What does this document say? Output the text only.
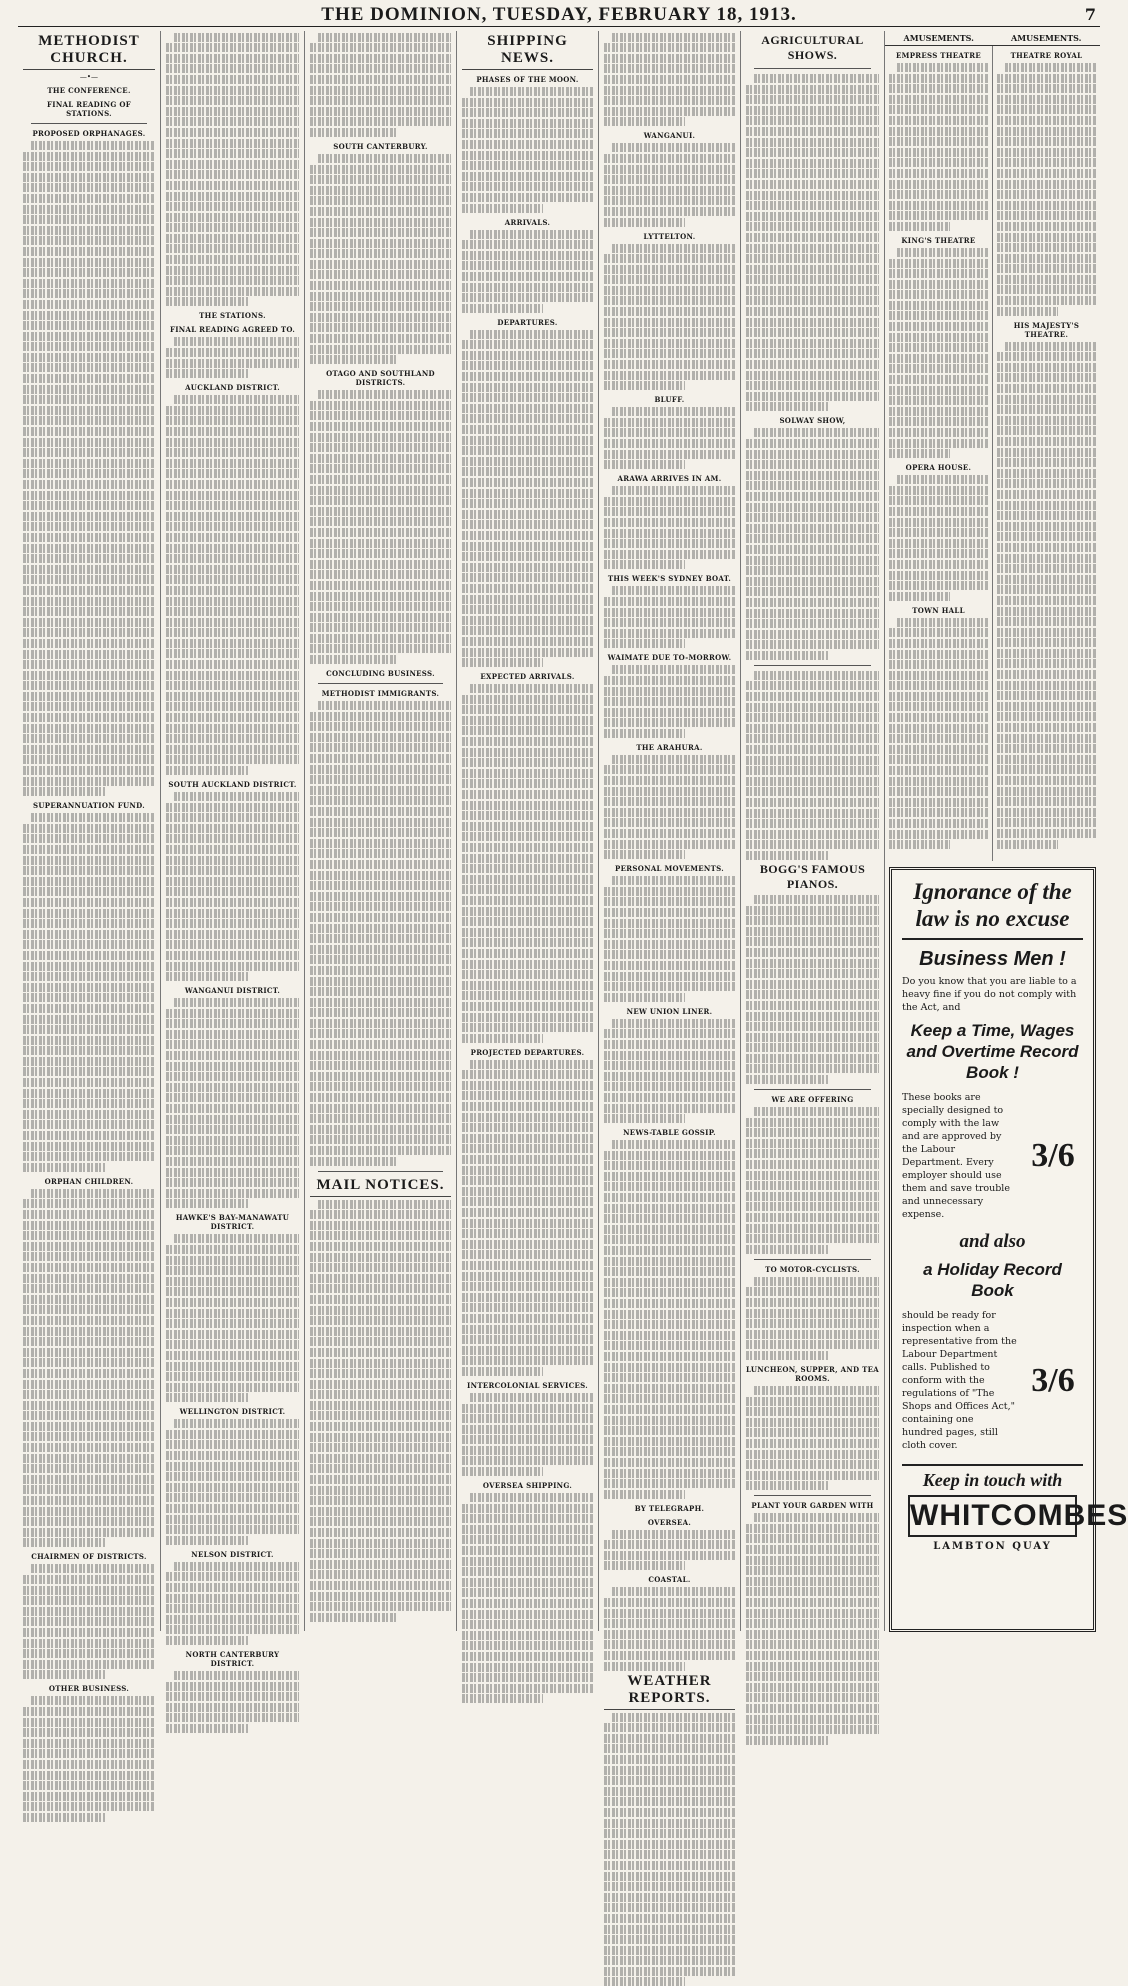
THE DOMINION, TUESDAY, FEBRUARY 18, 1913.	7
METHODIST CHURCH.
—•—
THE CONFERENCE.
FINAL READING OF STATIONS.
PROPOSED ORPHANAGES.
SUPERANNUATION FUND.
ORPHAN CHILDREN.
CHAIRMEN OF DISTRICTS.
OTHER BUSINESS.
THE STATIONS.
FINAL READING AGREED TO.
AUCKLAND DISTRICT.
SOUTH AUCKLAND DISTRICT.
WANGANUI DISTRICT.
HAWKE'S BAY-MANAWATU DISTRICT.
WELLINGTON DISTRICT.
NELSON DISTRICT.
NORTH CANTERBURY DISTRICT.
SOUTH CANTERBURY.
OTAGO AND SOUTHLAND DISTRICTS.
CONCLUDING BUSINESS.
METHODIST IMMIGRANTS.
MAIL NOTICES.
SHIPPING NEWS.
PHASES OF THE MOON.
ARRIVALS.
DEPARTURES.
EXPECTED ARRIVALS.
PROJECTED DEPARTURES.
INTERCOLONIAL SERVICES.
OVERSEA SHIPPING.
WANGANUI.
LYTTELTON.
BLUFF.
ARAWA ARRIVES IN AM.
THIS WEEK'S SYDNEY BOAT.
WAIMATE DUE TO-MORROW.
THE ARAHURA.
PERSONAL MOVEMENTS.
NEW UNION LINER.
NEWS-TABLE GOSSIP.
BY TELEGRAPH.
OVERSEA.
COASTAL.
WEATHER REPORTS.
AGRICULTURAL SHOWS.
SOLWAY SHOW,
BOGG'S FAMOUS PIANOS.
WE ARE OFFERING
TO MOTOR-CYCLISTS.
LUNCHEON, SUPPER, AND TEA ROOMS.
PLANT YOUR GARDEN WITH
AMUSEMENTS.	AMUSEMENTS.
EMPRESS THEATRE
KING'S THEATRE
OPERA HOUSE.
TOWN HALL
THEATRE ROYAL
HIS MAJESTY'S THEATRE.
Ignorance of the law is no excuse
Business Men !
Do you know that you are liable to a heavy fine if you do not comply with the Act, and
Keep a Time, Wages and Overtime Record Book !
These books are specially designed to comply with the law and are approved by the Labour Department. Every employer should use them and save trouble and unnecessary expense.
3/6
and also
a Holiday Record Book
should be ready for inspection when a representative from the Labour Department calls. Published to conform with the regulations of "The Shops and Offices Act," containing one hundred pages, still cloth cover.
3/6
Keep in touch with
WHITCOMBES
LAMBTON QUAY
